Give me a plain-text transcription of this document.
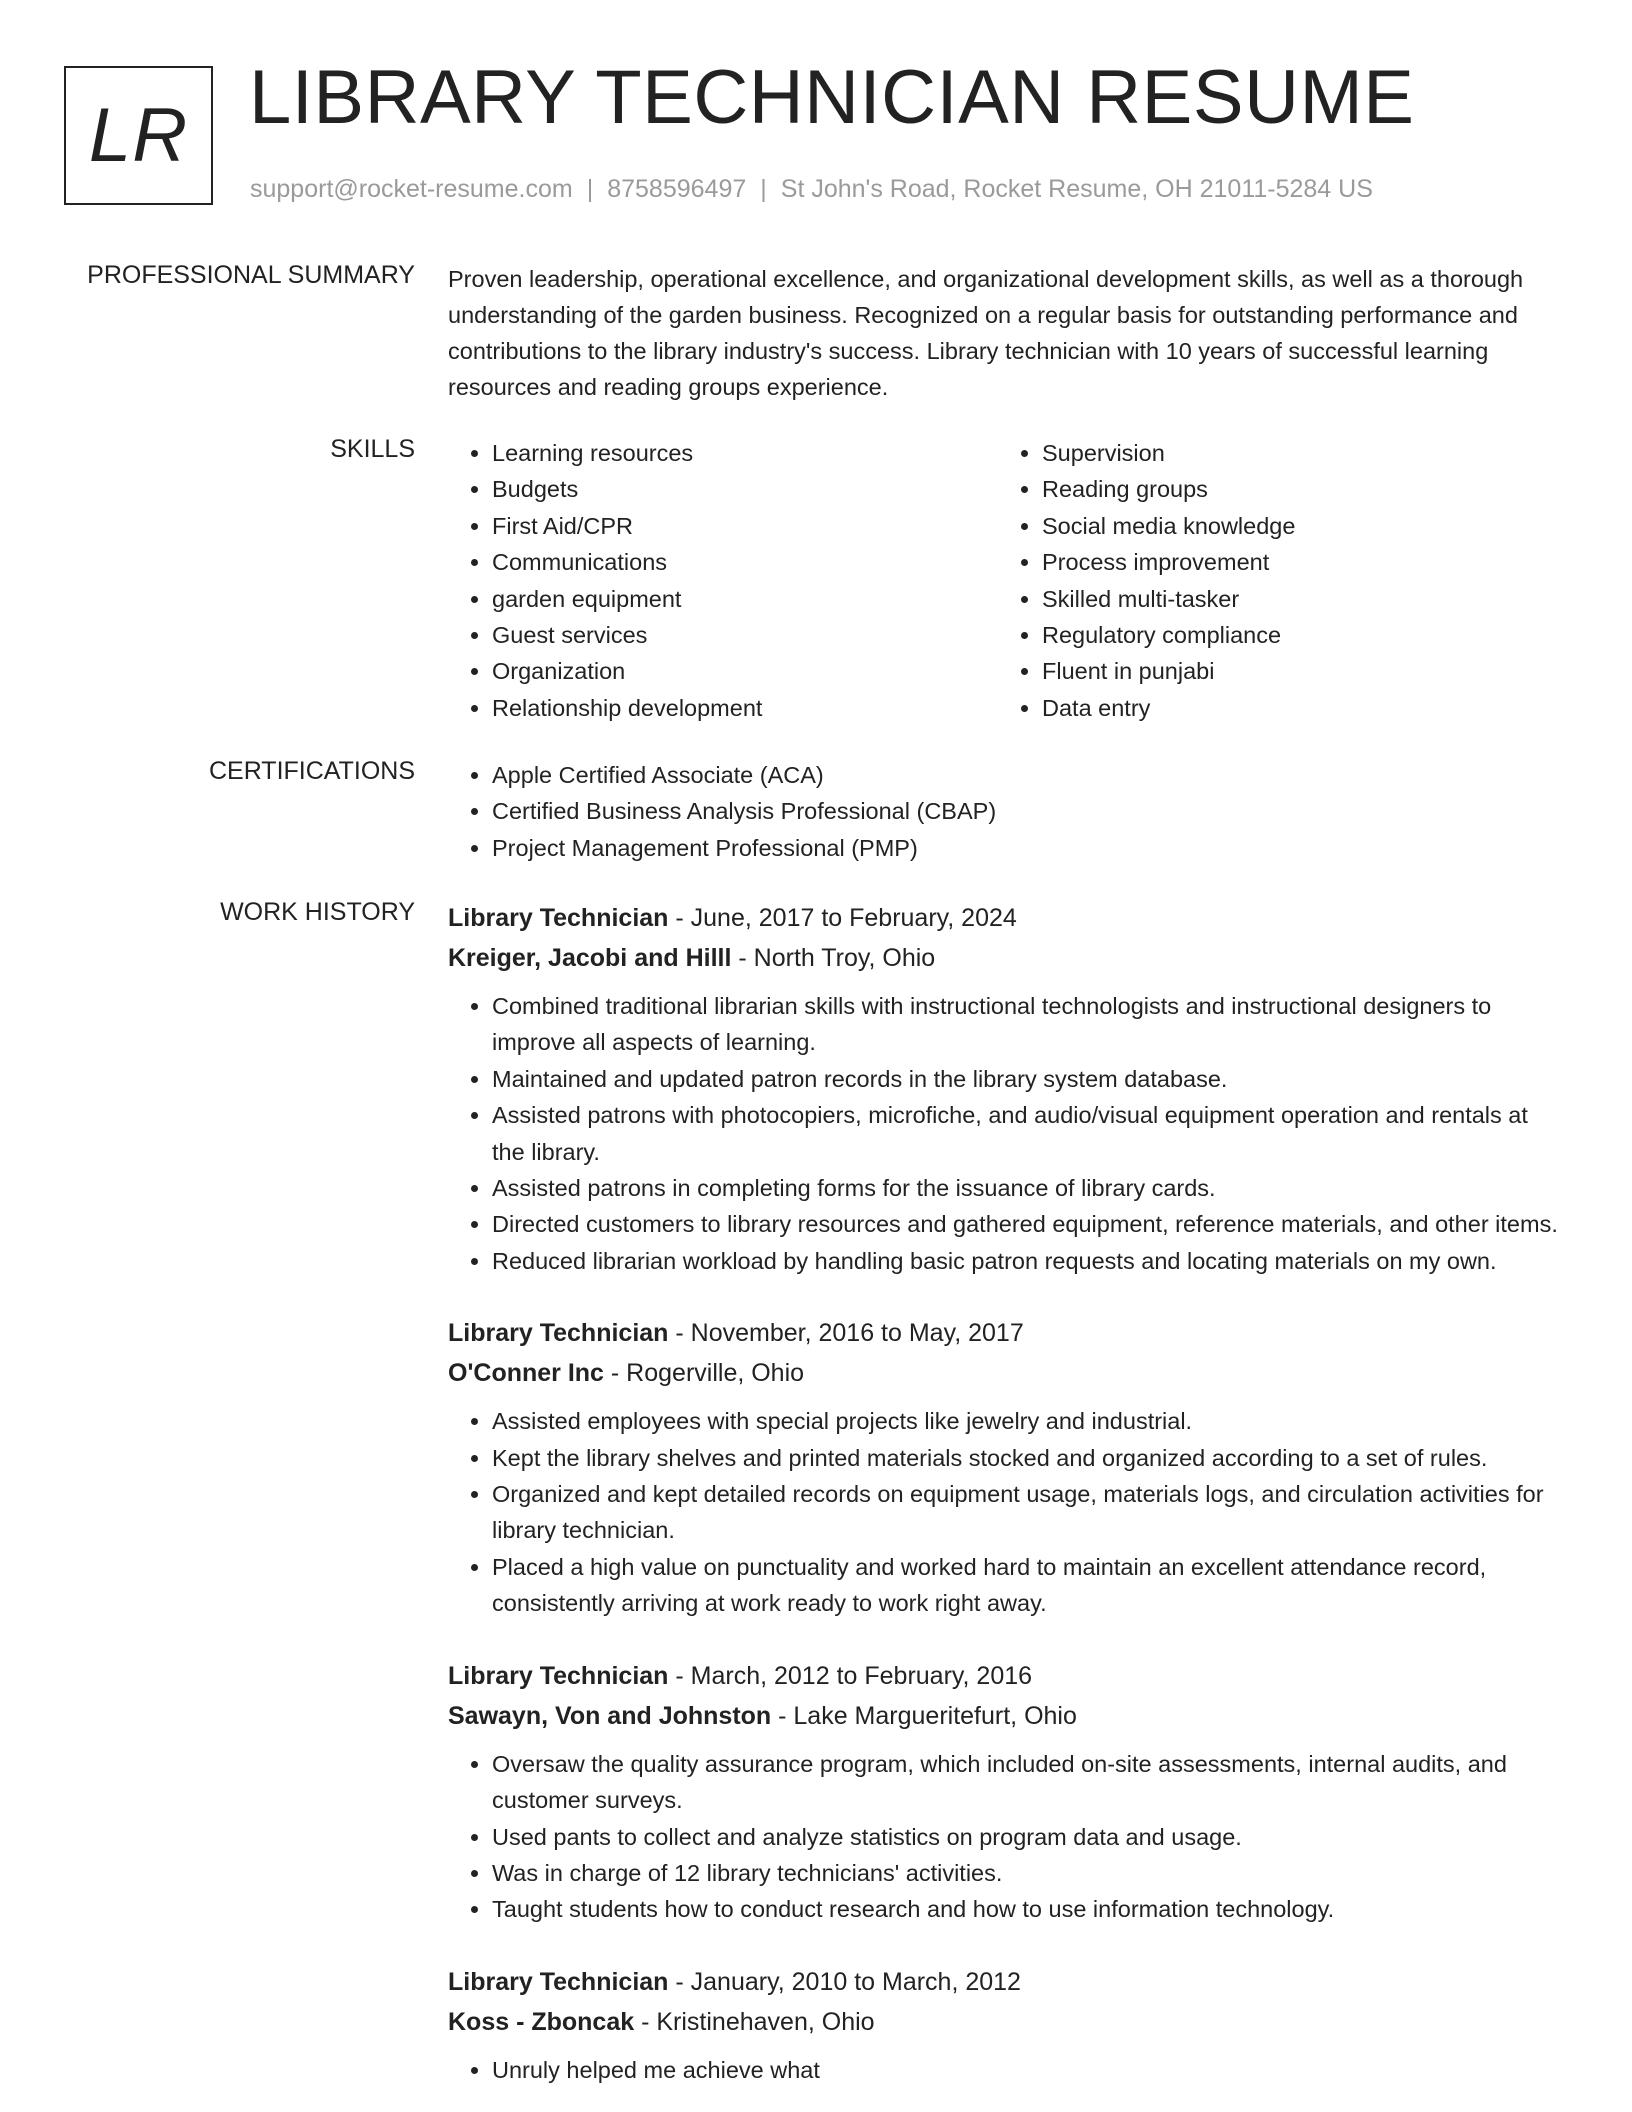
LR LIBRARY TECHNICIAN RESUME
support@rocket-resume.com | 8758596497 | St John's Road, Rocket Resume, OH 21011-5284 US
PROFESSIONAL SUMMARY Proven leadership, operational excellence, and organizational development skills, as well as a thorough understanding of the garden business. Recognized on a regular basis for outstanding performance and contributions to the library industry's success. Library technician with 10 years of successful learning resources and reading groups experience.

SKILLS	• Learning resources
• Budgets
• First Aid/CPR
• Communications
• garden equipment
• Guest services
• Organization
• Relationship development
• Supervision
• Reading groups
• Social media knowledge
• Process improvement
• Skilled multi-tasker
• Regulatory compliance
• Fluent in punjabi
• Data entry
CERTIFICATIONS	• Apple Certified Associate (ACA)
• Certified Business Analysis Professional (CBAP)
• Project Management Professional (PMP)
WORK HISTORY Library Technician - June, 2017 to February, 2024
Kreiger, Jacobi and Hilll - North Troy, Ohio
• Combined traditional librarian skills with instructional technologists and instructional designers to improve all aspects of learning.
• Maintained and updated patron records in the library system database.
• Assisted patrons with photocopiers, microfiche, and audio/visual equipment operation and rentals at the library.
• Assisted patrons in completing forms for the issuance of library cards.
• Directed customers to library resources and gathered equipment, reference materials, and other items.
• Reduced librarian workload by handling basic patron requests and locating materials on my own.
Library Technician - November, 2016 to May, 2017
O'Conner Inc - Rogerville, Ohio
• Assisted employees with special projects like jewelry and industrial.
• Kept the library shelves and printed materials stocked and organized according to a set of rules.
• Organized and kept detailed records on equipment usage, materials logs, and circulation activities for library technician.
• Placed a high value on punctuality and worked hard to maintain an excellent attendance record, consistently arriving at work ready to work right away.
Library Technician - March, 2012 to February, 2016
Sawayn, Von and Johnston - Lake Margueritefurt, Ohio
• Oversaw the quality assurance program, which included on-site assessments, internal audits, and customer surveys.
• Used pants to collect and analyze statistics on program data and usage.
• Was in charge of 12 library technicians' activities.
• Taught students how to conduct research and how to use information technology.
Library Technician - January, 2010 to March, 2012
Koss - Zboncak - Kristinehaven, Ohio
• Unruly helped me achieve what
